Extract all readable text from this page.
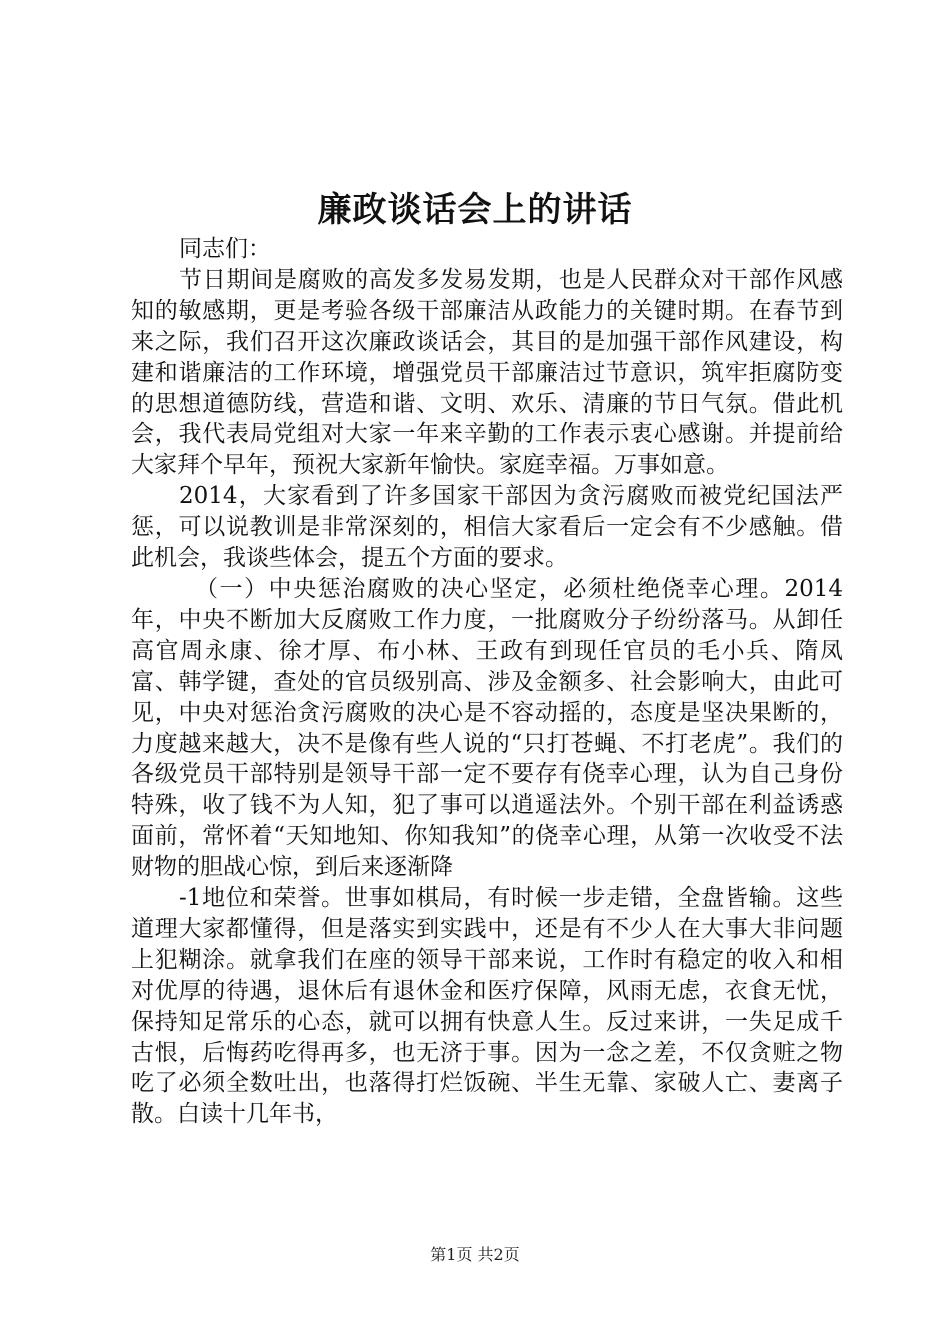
廉政谈话会上的讲话

同志们：

节日期间是腐败的高发多发易发期，也是人民群众对干部作风感知的敏感期，更是考验各级干部廉洁从政能力的关键时期。在春节到来之际，我们召开这次廉政谈话会，其目的是加强干部作风建设，构建和谐廉洁的工作环境，增强党员干部廉洁过节意识，筑牢拒腐防变的思想道德防线，营造和谐、文明、欢乐、清廉的节日气氛。借此机会，我代表局党组对大家一年来辛勤的工作表示衷心感谢。并提前给大家拜个早年，预祝大家新年愉快。家庭幸福。万事如意。

2014，大家看到了许多国家干部因为贪污腐败而被党纪国法严惩，可以说教训是非常深刻的，相信大家看后一定会有不少感触。借此机会，我谈些体会，提五个方面的要求。

（一）中央惩治腐败的决心坚定，必须杜绝侥幸心理。2014年，中央不断加大反腐败工作力度，一批腐败分子纷纷落马。从卸任高官周永康、徐才厚、布小林、王政有到现任官员的毛小兵、隋凤富、韩学键，查处的官员级别高、涉及金额多、社会影响大，由此可见，中央对惩治贪污腐败的决心是不容动摇的，态度是坚决果断的，力度越来越大，决不是像有些人说的“只打苍蝇、不打老虎”。我们的各级党员干部特别是领导干部一定不要存有侥幸心理，认为自己身份特殊，收了钱不为人知，犯了事可以逍遥法外。个别干部在利益诱惑面前，常怀着“天知地知、你知我知”的侥幸心理，从第一次收受不法财物的胆战心惊，到后来逐渐降

-1地位和荣誉。世事如棋局，有时候一步走错，全盘皆输。这些道理大家都懂得，但是落实到实践中，还是有不少人在大事大非问题上犯糊涂。就拿我们在座的领导干部来说，工作时有稳定的收入和相对优厚的待遇，退休后有退休金和医疗保障，风雨无虑，衣食无忧，保持知足常乐的心态，就可以拥有快意人生。反过来讲，一失足成千古恨，后悔药吃得再多，也无济于事。因为一念之差，不仅贪赃之物吃了必须全数吐出，也落得打烂饭碗、半生无靠、家破人亡、妻离子散。白读十几年书，

第1页 共2页
